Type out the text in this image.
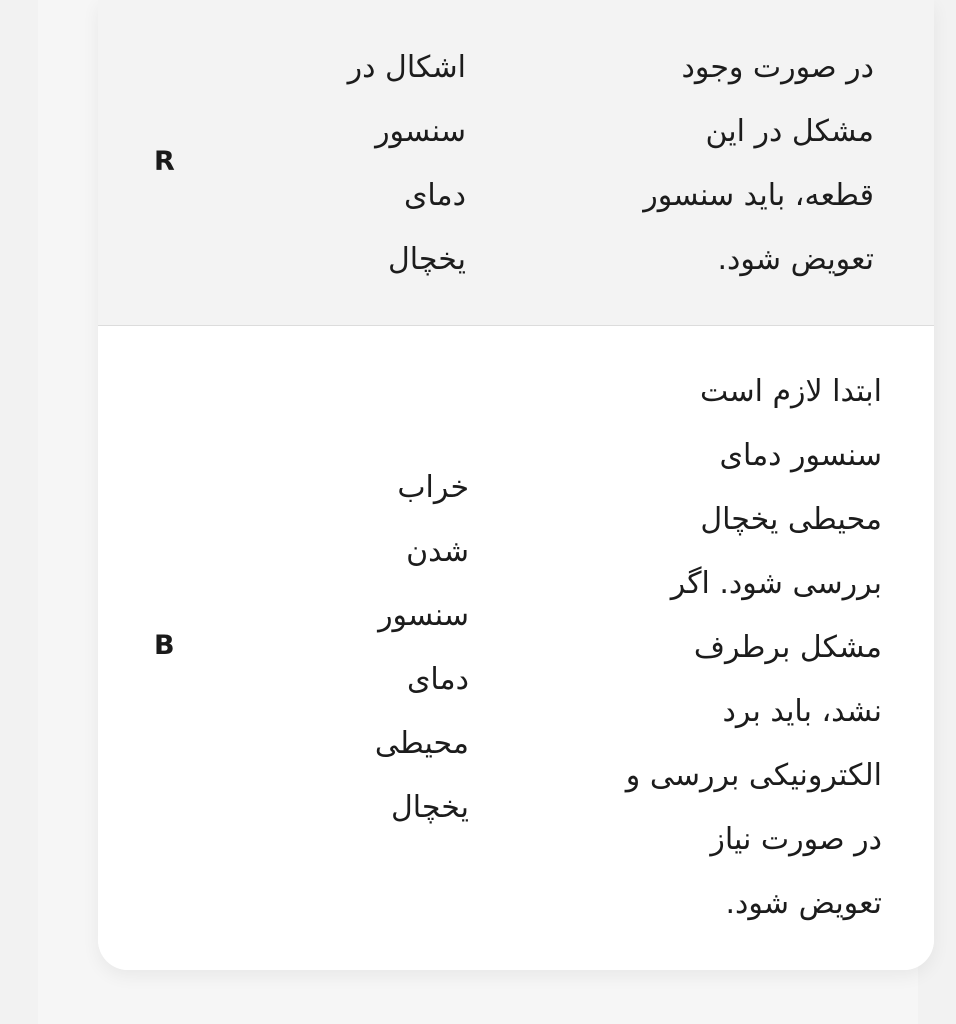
R
اشکال در
سنسور
دمای
یخچال
در صورت وجود
مشکل در این
قطعه، باید سنسور
تعویض شود.
B
خراب
شدن
سنسور
دمای
محیطی
یخچال
ابتدا لازم است
سنسور دمای
محیطی یخچال
بررسی شود. اگر
مشکل برطرف
نشد، باید برد
الکترونیکی بررسی و
در صورت نیاز
تعویض شود.
